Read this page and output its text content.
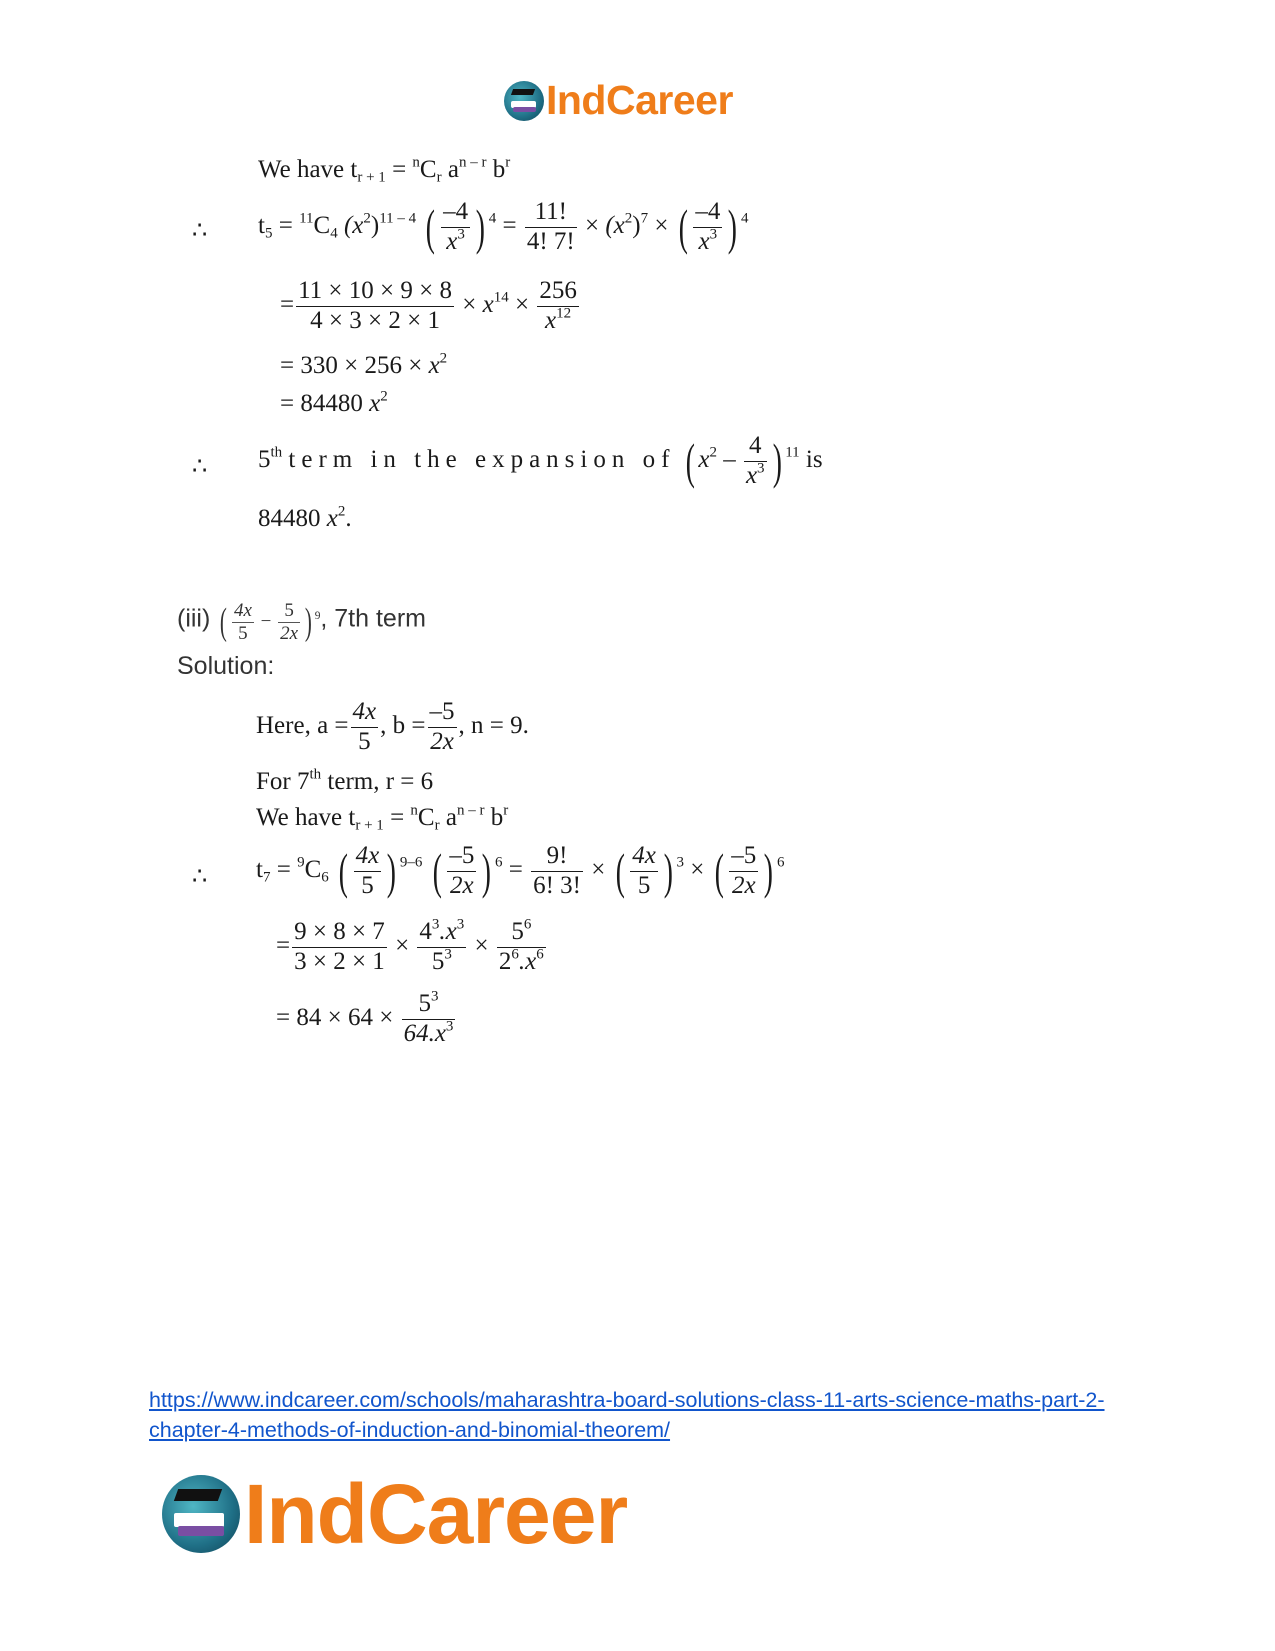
IndCareer
We have $t_{r + 1} = ^nC_r$ $a^{n - r}$ $b^r$
∴ $t_5 = ^{11}C_4$ $(x^2)^{11 - 4}$ ( $\frac{-4}{x^3}$ ) $^4 = \frac{11!}{4! 7!} \times (x^2)^7$ × ( $\frac{-4}{x^3}$ ) $^4$
= $\frac{11 \times 10 \times 9 \times 8}{4 \times 3 \times 2 \times 1} \times x^{14} \times \frac{256}{x^{12}}$
= $330 \times 256 \times x^2$
= 84480 $x^2$
∴ 5th term in the expansion of ( $x^2 - \frac{4}{x^3}$ ) $^{11}$ is
84480 $x^2$.
(iii) ( $\frac{4x}{5} - \frac{5}{2x}$ ) $^9$, 7th term
Solution:
Here, $a = \frac{4x}{5}$ , $b = \frac{-5}{2x}$ , n = 9.
For 7th term, r = 6
We have $t_{r + 1} = ^nC_r$ $a^{n - r}$ $b^r$
∴ $t_7 = ^9C_6$ ( $\frac{4x}{5}$ ) $^{9-6}$ ( $\frac{-5}{2x}$ ) $^6 = \frac{9!}{6! 3!}$ × ( $\frac{4x}{5}$ ) $^3$ × ( $\frac{-5}{2x}$ ) $^6$
= $\frac{9 \times 8 \times 7}{3 \times 2 \times 1} \times \frac{4^3.x^3}{5^3} \times \frac{5^6}{2^6.x^6}$
= $84 \times 64 \times \frac{5^3}{64.x^3}$
https://www.indcareer.com/schools/maharashtra-board-solutions-class-11-arts-science-maths-part-2-chapter-4-methods-of-induction-and-binomial-theorem/
IndCareer
